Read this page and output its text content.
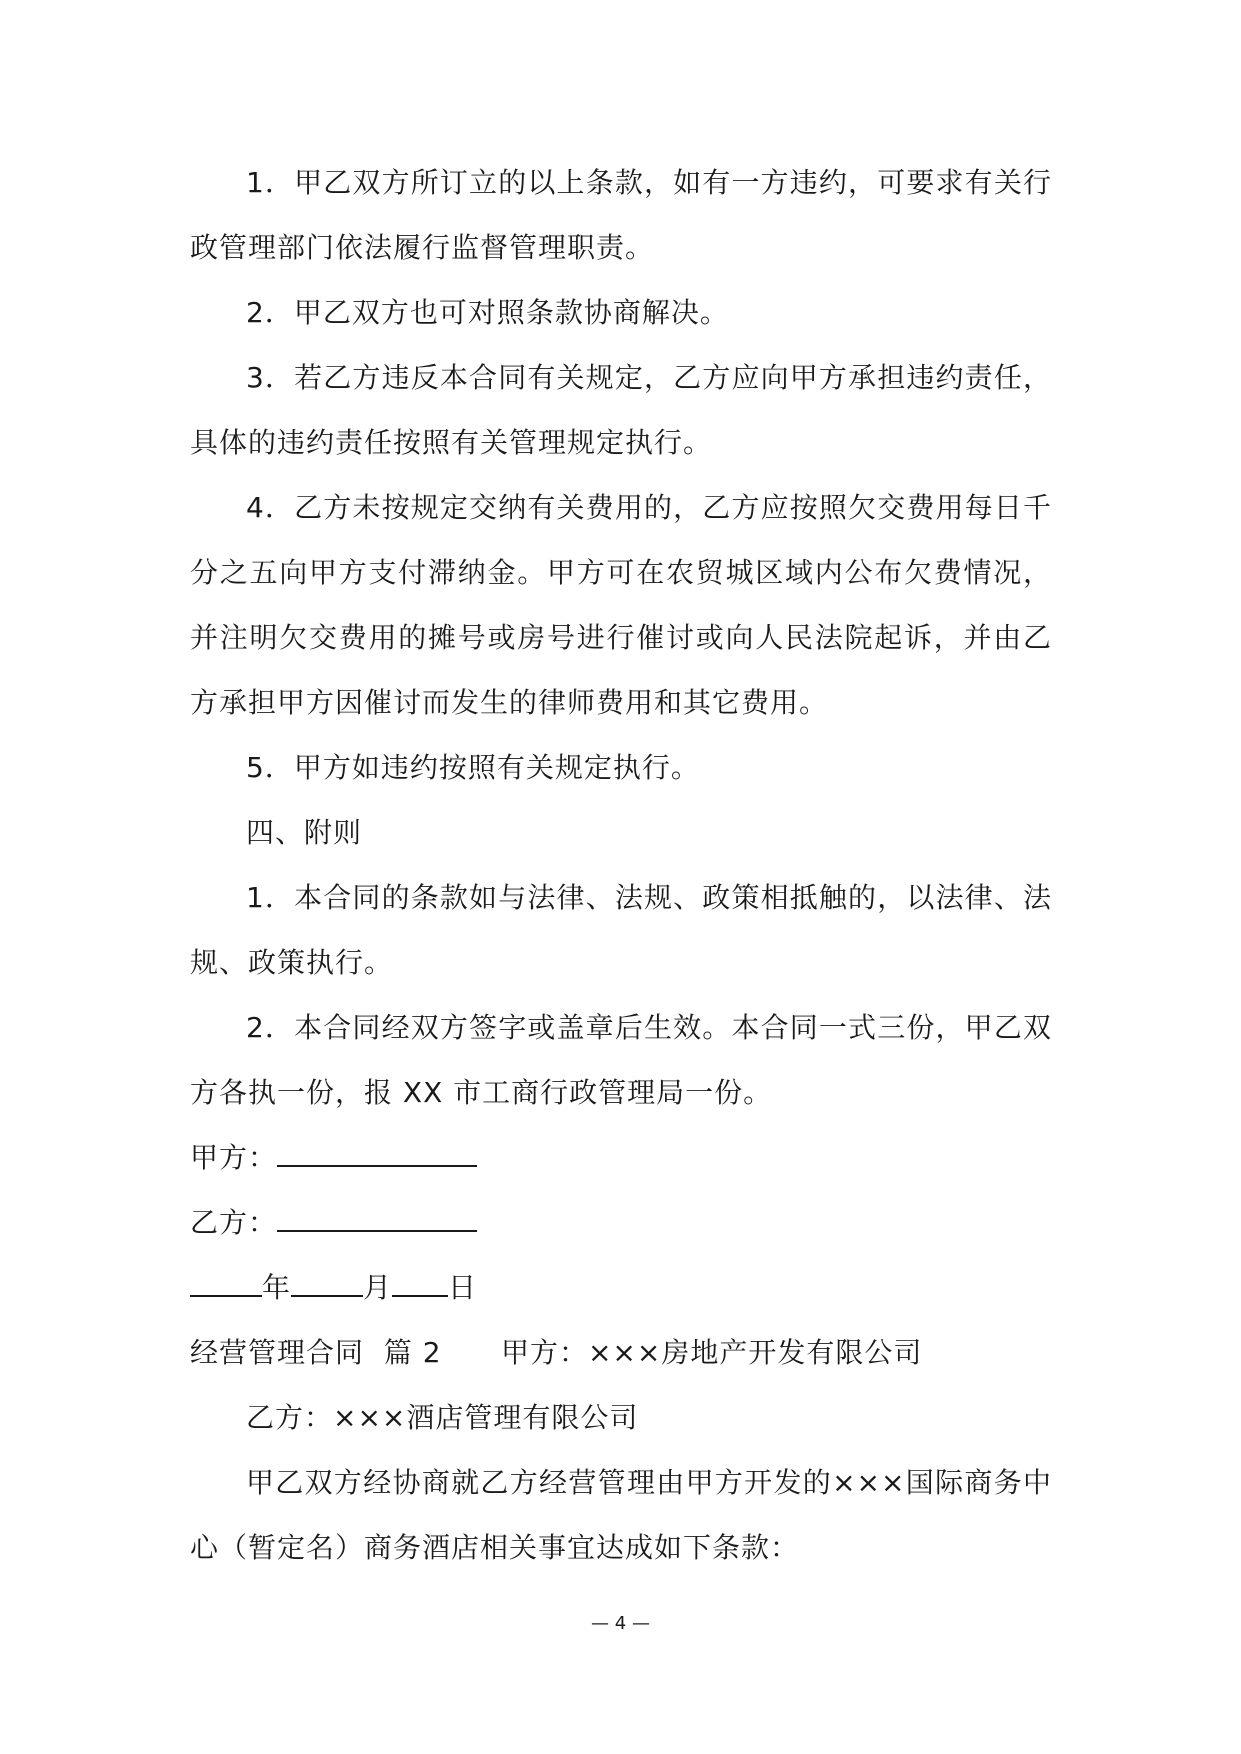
1．甲乙双方所订立的以上条款，如有一方违约，可要求有关行政管理部门依法履行监督管理职责。

2．甲乙双方也可对照条款协商解决。

3．若乙方违反本合同有关规定，乙方应向甲方承担违约责任，具体的违约责任按照有关管理规定执行。

4．乙方未按规定交纳有关费用的，乙方应按照欠交费用每日千分之五向甲方支付滞纳金。甲方可在农贸城区域内公布欠费情况，并注明欠交费用的摊号或房号进行催讨或向人民法院起诉，并由乙方承担甲方因催讨而发生的律师费用和其它费用。

5．甲方如违约按照有关规定执行。

四、附则

1．本合同的条款如与法律、法规、政策相抵触的，以法律、法规、政策执行。

2．本合同经双方签字或盖章后生效。本合同一式三份，甲乙双方各执一份，报 XX 市工商行政管理局一份。

甲方：

乙方：

年	月 日

经营管理合同 篇 2 甲方：×××房地产开发有限公司

乙方：×××酒店管理有限公司

甲乙双方经协商就乙方经营管理由甲方开发的×××国际商务中心（暂定名）商务酒店相关事宜达成如下条款：

— 4 —
